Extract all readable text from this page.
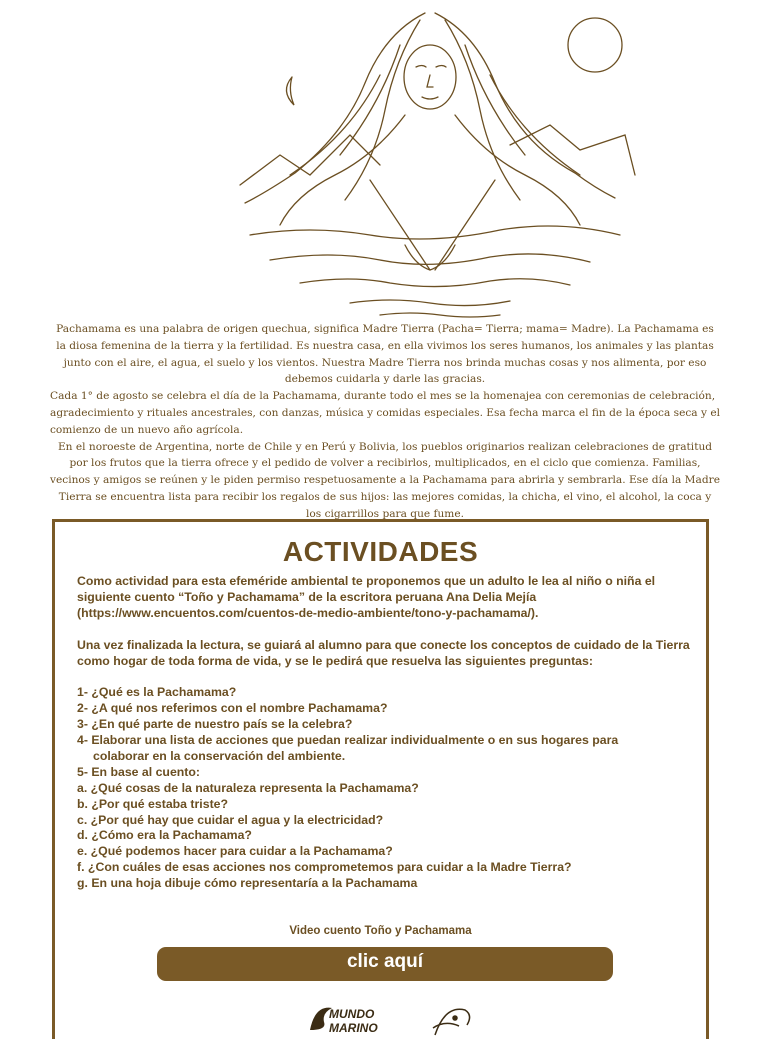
Pachamama es una palabra de origen quechua, significa Madre Tierra (Pacha= Tierra; mama= Madre). La Pachamama es la diosa femenina de la tierra y la fertilidad. Es nuestra casa, en ella vivimos los seres humanos, los animales y las plantas junto con el aire, el agua, el suelo y los vientos. Nuestra Madre Tierra nos brinda muchas cosas y nos alimenta, por eso debemos cuidarla y darle las gracias.

Cada 1° de agosto se celebra el día de la Pachamama, durante todo el mes se la homenajea con ceremonias de celebración, agradecimiento y rituales ancestrales, con danzas, música y comidas especiales. Esa fecha marca el fin de la época seca y el comienzo de un nuevo año agrícola.

En el noroeste de Argentina, norte de Chile y en Perú y Bolivia, los pueblos originarios realizan celebraciones de gratitud por los frutos que la tierra ofrece y el pedido de volver a recibirlos, multiplicados, en el ciclo que comienza. Familias, vecinos y amigos se reúnen y le piden permiso respetuosamente a la Pachamama para abrirla y sembrarla. Ese día la Madre Tierra se encuentra lista para recibir los regalos de sus hijos: las mejores comidas, la chicha, el vino, el alcohol, la coca y los cigarrillos para que fume.

ACTIVIDADES

Como actividad para esta efeméride ambiental te proponemos que un adulto le lea al niño o niña el siguiente cuento “Toño y Pachamama” de la escritora peruana Ana Delia Mejía (https://www.encuentos.com/cuentos-de-medio-ambiente/tono-y-pachamama/).

Una vez finalizada la lectura, se guiará al alumno para que conecte los conceptos de cuidado de la Tierra como hogar de toda forma de vida, y se le pedirá que resuelva las siguientes preguntas:

1- ¿Qué es la Pachamama?

2- ¿A qué nos referimos con el nombre Pachamama?

3- ¿En qué parte de nuestro país se la celebra?

4- Elaborar una lista de acciones que puedan realizar individualmente o en sus hogares para

colaborar en la conservación del ambiente.

5- En base al cuento:

a. ¿Qué cosas de la naturaleza representa la Pachamama?

b. ¿Por qué estaba triste?

c. ¿Por qué hay que cuidar el agua y la electricidad?

d. ¿Cómo era la Pachamama?

e. ¿Qué podemos hacer para cuidar a la Pachamama?

f. ¿Con cuáles de esas acciones nos comprometemos para cuidar a la Madre Tierra?

g. En una hoja dibuje cómo representaría a la Pachamama

Video cuento Toño y Pachamama
clic aquí
MUNDO
MARINO
